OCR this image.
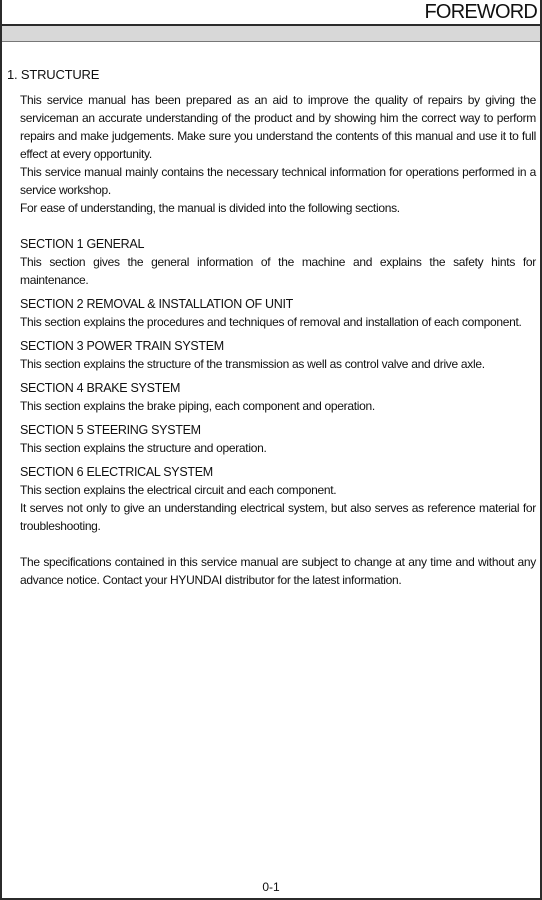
FOREWORD
1. STRUCTURE

This service manual has been prepared as an aid to improve the quality of repairs by giving the serviceman an accurate understanding of the product and by showing him the correct way to perform repairs and make judgements. Make sure you understand the contents of this manual and use it to full effect at every opportunity.

This service manual mainly contains the necessary technical information for operations performed in a service workshop.

For ease of understanding, the manual is divided into the following sections.

SECTION 1 GENERAL

This section gives the general information of the machine and explains the safety hints for maintenance.

SECTION 2 REMOVAL & INSTALLATION OF UNIT

This section explains the procedures and techniques of removal and installation of each component.

SECTION 3 POWER TRAIN SYSTEM

This section explains the structure of the transmission as well as control valve and drive axle.

SECTION 4 BRAKE SYSTEM

This section explains the brake piping, each component and operation.

SECTION 5 STEERING SYSTEM

This section explains the structure and operation.

SECTION 6 ELECTRICAL SYSTEM

This section explains the electrical circuit and each component.

It serves not only to give an understanding electrical system, but also serves as reference material for troubleshooting.

The specifications contained in this service manual are subject to change at any time and without any advance notice. Contact your HYUNDAI distributor for the latest information.

0-1
